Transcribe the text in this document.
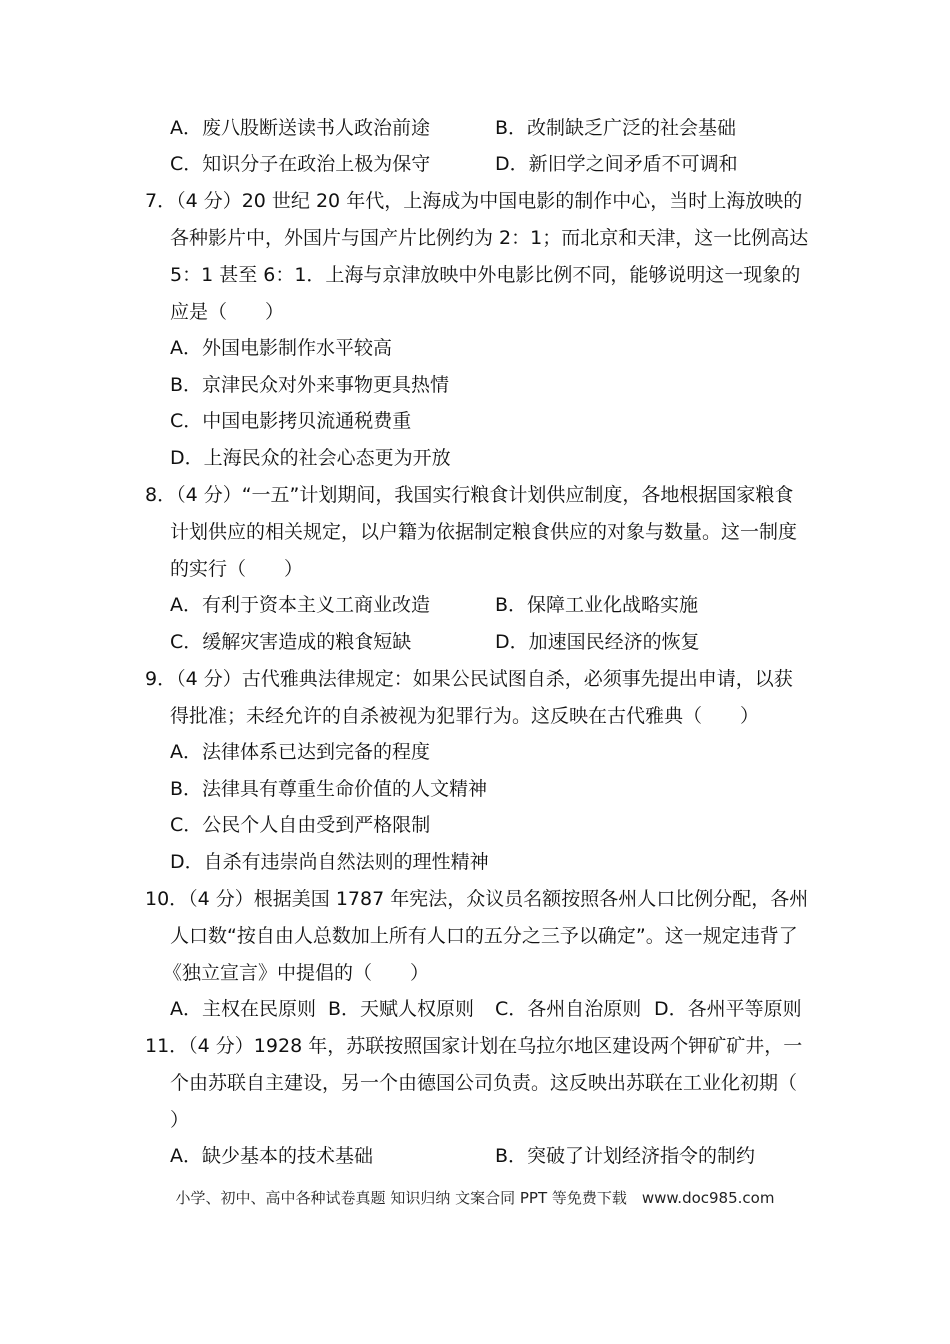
A．废八股断送读书人政治前途	B．改制缺乏广泛的社会基础
C．知识分子在政治上极为保守	D．新旧学之间矛盾不可调和
7．（4 分）20 世纪 20 年代，上海成为中国电影的制作中心，当时上海放映的
各种影片中，外国片与国产片比例约为 2：1；而北京和天津，这一比例高达
5：1 甚至 6：1．上海与京津放映中外电影比例不同，能够说明这一现象的
应是（　　）
A．外国电影制作水平较高
B．京津民众对外来事物更具热情
C．中国电影拷贝流通税费重
D．上海民众的社会心态更为开放
8．（4 分）“一五”计划期间，我国实行粮食计划供应制度，各地根据国家粮食
计划供应的相关规定，以户籍为依据制定粮食供应的对象与数量。这一制度
的实行（　　）
A．有利于资本主义工商业改造	B．保障工业化战略实施
C．缓解灾害造成的粮食短缺	D．加速国民经济的恢复
9．（4 分）古代雅典法律规定：如果公民试图自杀，必须事先提出申请，以获
得批准；未经允许的自杀被视为犯罪行为。这反映在古代雅典（　　）
A．法律体系已达到完备的程度
B．法律具有尊重生命价值的人文精神
C．公民个人自由受到严格限制
D．自杀有违崇尚自然法则的理性精神
10．（4 分）根据美国 1787 年宪法，众议员名额按照各州人口比例分配，各州
人口数“按自由人总数加上所有人口的五分之三予以确定”。这一规定违背了
《独立宣言》中提倡的（　　）
A．主权在民原则 B．天赋人权原则 C．各州自治原则 D．各州平等原则
11．（4 分）1928 年，苏联按照国家计划在乌拉尔地区建设两个钾矿矿井，一
个由苏联自主建设，另一个由德国公司负责。这反映出苏联在工业化初期（
）
A．缺少基本的技术基础	B．突破了计划经济指令的制约
小学、初中、高中各种试卷真题 知识归纳 文案合同 PPT 等免费下载　www.doc985.com
